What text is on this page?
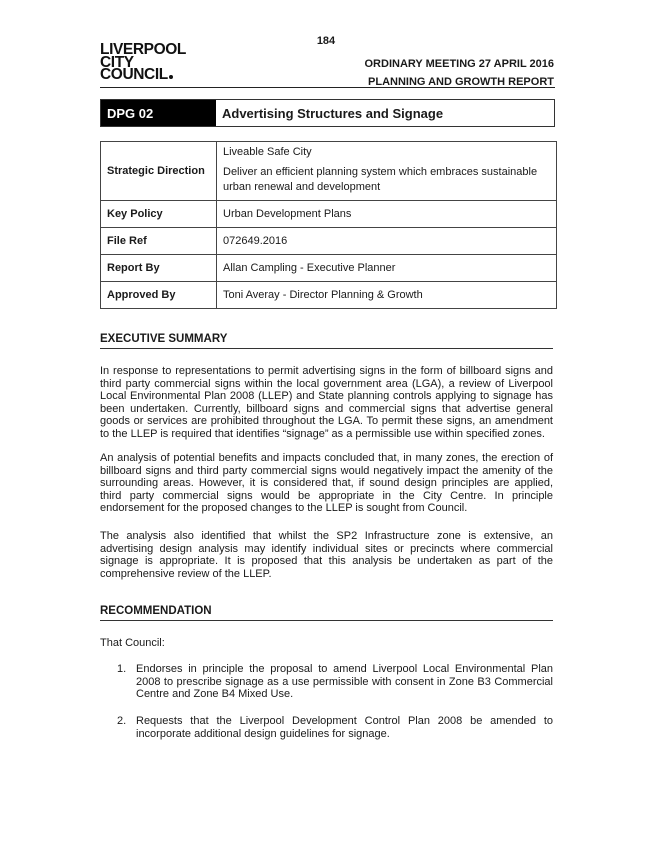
184
LIVERPOOL
CITY
COUNCIL
ORDINARY MEETING 27 APRIL 2016
PLANNING AND GROWTH REPORT
DPG 02	Advertising Structures and Signage
Strategic Direction	Liveable Safe City
Deliver an efficient planning system which embraces sustainable urban renewal and development

Key Policy	Urban Development Plans
File Ref	072649.2016
Report By	Allan Campling - Executive Planner
Approved By	Toni Averay - Director Planning & Growth
EXECUTIVE SUMMARY
In response to representations to permit advertising signs in the form of billboard signs and third party commercial signs within the local government area (LGA), a review of Liverpool Local Environmental Plan 2008 (LLEP) and State planning controls applying to signage has been undertaken. Currently, billboard signs and commercial signs that advertise general goods or services are prohibited throughout the LGA. To permit these signs, an amendment to the LLEP is required that identifies “signage” as a permissible use within specified zones.
An analysis of potential benefits and impacts concluded that, in many zones, the erection of billboard signs and third party commercial signs would negatively impact the amenity of the surrounding areas. However, it is considered that, if sound design principles are applied, third party commercial signs would be appropriate in the City Centre. In principle endorsement for the proposed changes to the LLEP is sought from Council.
The analysis also identified that whilst the SP2 Infrastructure zone is extensive, an advertising design analysis may identify individual sites or precincts where commercial signage is appropriate. It is proposed that this analysis be undertaken as part of the comprehensive review of the LLEP.
RECOMMENDATION
That Council:
1. Endorses in principle the proposal to amend Liverpool Local Environmental Plan 2008 to prescribe signage as a use permissible with consent in Zone B3 Commercial Centre and Zone B4 Mixed Use.
2. Requests that the Liverpool Development Control Plan 2008 be amended to incorporate additional design guidelines for signage.
